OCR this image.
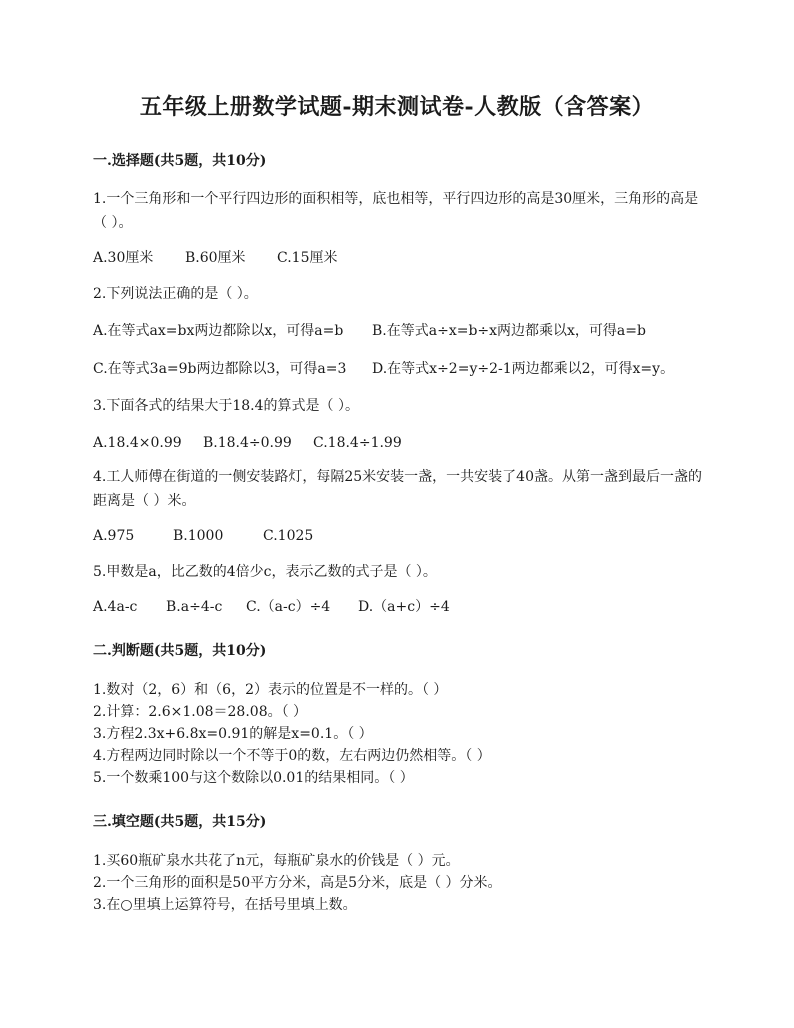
五年级上册数学试题-期末测试卷-人教版（含答案）
一.选择题(共5题，共10分)
1.一个三角形和一个平行四边形的面积相等，底也相等，平行四边形的高是30厘米，三角形的高是（ ）。
A.30厘米 B.60厘米 C.15厘米
2.下列说法正确的是（ ）。
A.在等式ax=bx两边都除以x，可得a=b B.在等式a÷x=b÷x两边都乘以x，可得a=b
C.在等式3a=9b两边都除以3，可得a=3 D.在等式x÷2=y÷2-1两边都乘以2，可得x=y。
3.下面各式的结果大于18.4的算式是（ ）。
A.18.4×0.99 B.18.4÷0.99 C.18.4÷1.99
4.工人师傅在街道的一侧安装路灯，每隔25米安装一盏，一共安装了40盏。从第一盏到最后一盏的距离是（ ）米。
A.975	B.1000	C.1025
5.甲数是a，比乙数的4倍少c，表示乙数的式子是（ ）。
A.4a-c B.a÷4-c C.（a-c）÷4 D.（a+c）÷4
二.判断题(共5题，共10分)
1.数对（2，6）和（6，2）表示的位置是不一样的。（ ）
2.计算：2.6×1.08＝28.08。（ ）
3.方程2.3x+6.8x=0.91的解是x=0.1。（ ）
4.方程两边同时除以一个不等于0的数，左右两边仍然相等。（ ）
5.一个数乘100与这个数除以0.01的结果相同。（ ）
三.填空题(共5题，共15分)
1.买60瓶矿泉水共花了n元，每瓶矿泉水的价钱是（ ）元。
2.一个三角形的面积是50平方分米，高是5分米，底是（ ）分米。
3.在○里填上运算符号，在括号里填上数。
